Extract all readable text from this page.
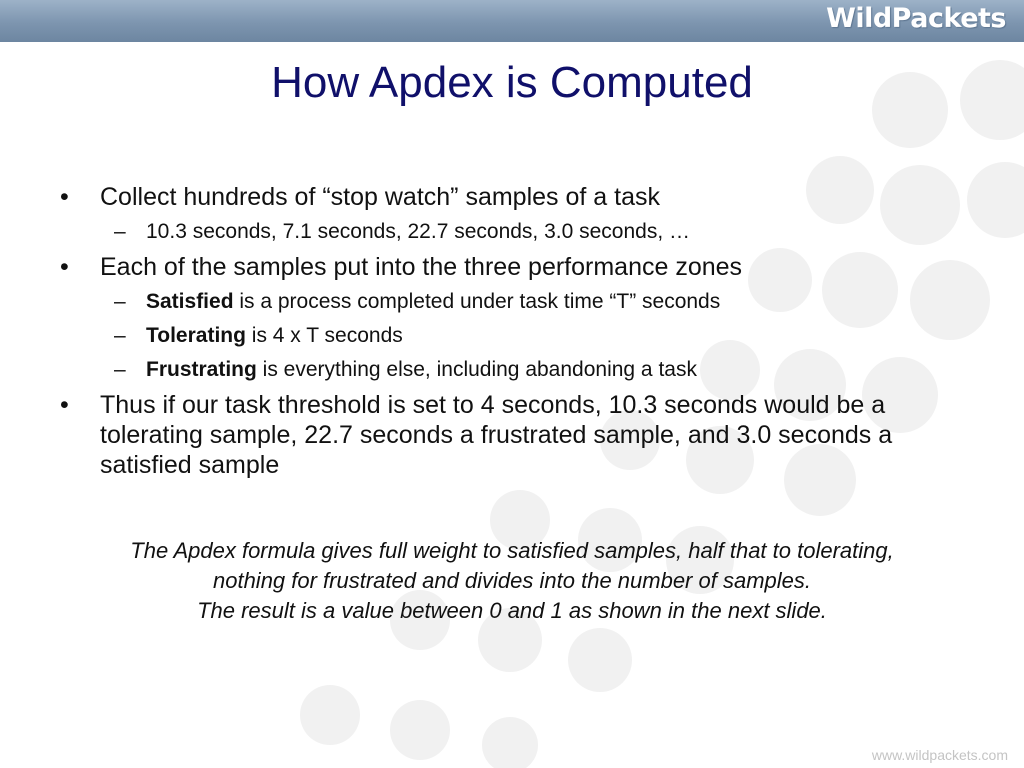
WildPackets
How Apdex is Computed
• Collect hundreds of “stop watch” samples of a task
– 10.3 seconds, 7.1 seconds, 22.7 seconds, 3.0 seconds, …
• Each of the samples put into the three performance zones
– Satisfied is a process completed under task time “T” seconds
– Tolerating is 4 x T seconds
– Frustrating is everything else, including abandoning a task
• Thus if our task threshold is set to 4 seconds, 10.3 seconds would be a tolerating sample, 22.7 seconds a frustrated sample, and 3.0 seconds a satisfied sample
The Apdex formula gives full weight to satisfied samples, half that to tolerating,
nothing for frustrated and divides into the number of samples.
The result is a value between 0 and 1 as shown in the next slide.
www.wildpackets.com
